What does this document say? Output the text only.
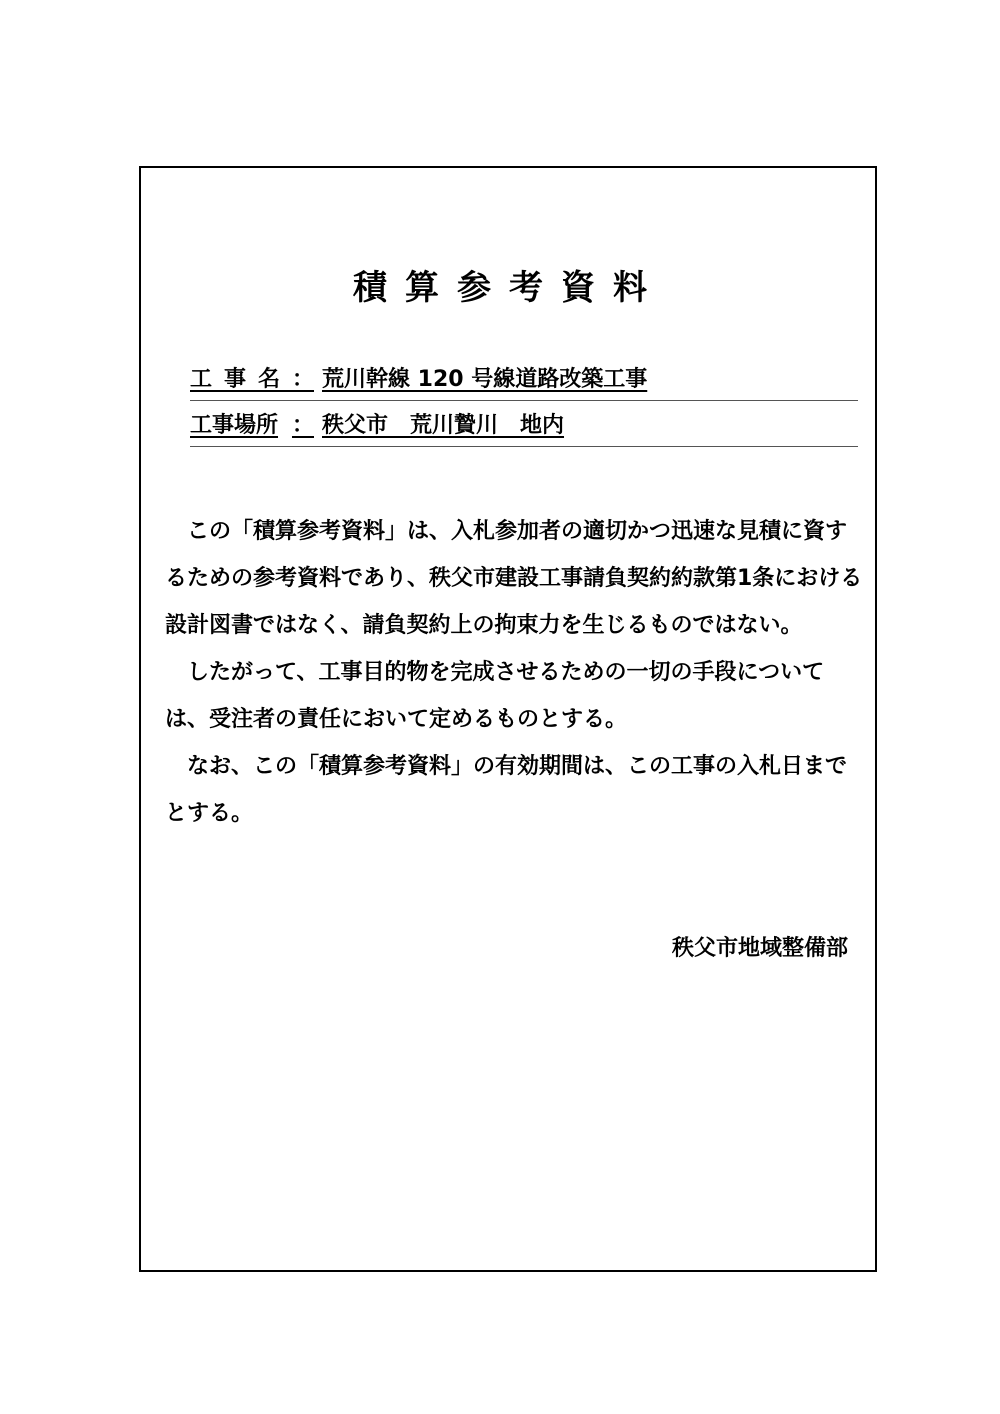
積算参考資料
工事名： 荒川幹線 120 号線道路改築工事
工事場所 ： 秩父市　荒川贄川　地内

この「積算参考資料」は、入札参加者の適切かつ迅速な見積に資するための参考資料であり、秩父市建設工事請負契約約款第1条における設計図書ではなく、請負契約上の拘束力を生じるものではない。

したがって、工事目的物を完成させるための一切の手段については、受注者の責任において定めるものとする。

なお、この「積算参考資料」の有効期間は、この工事の入札日までとする。

秩父市地域整備部
